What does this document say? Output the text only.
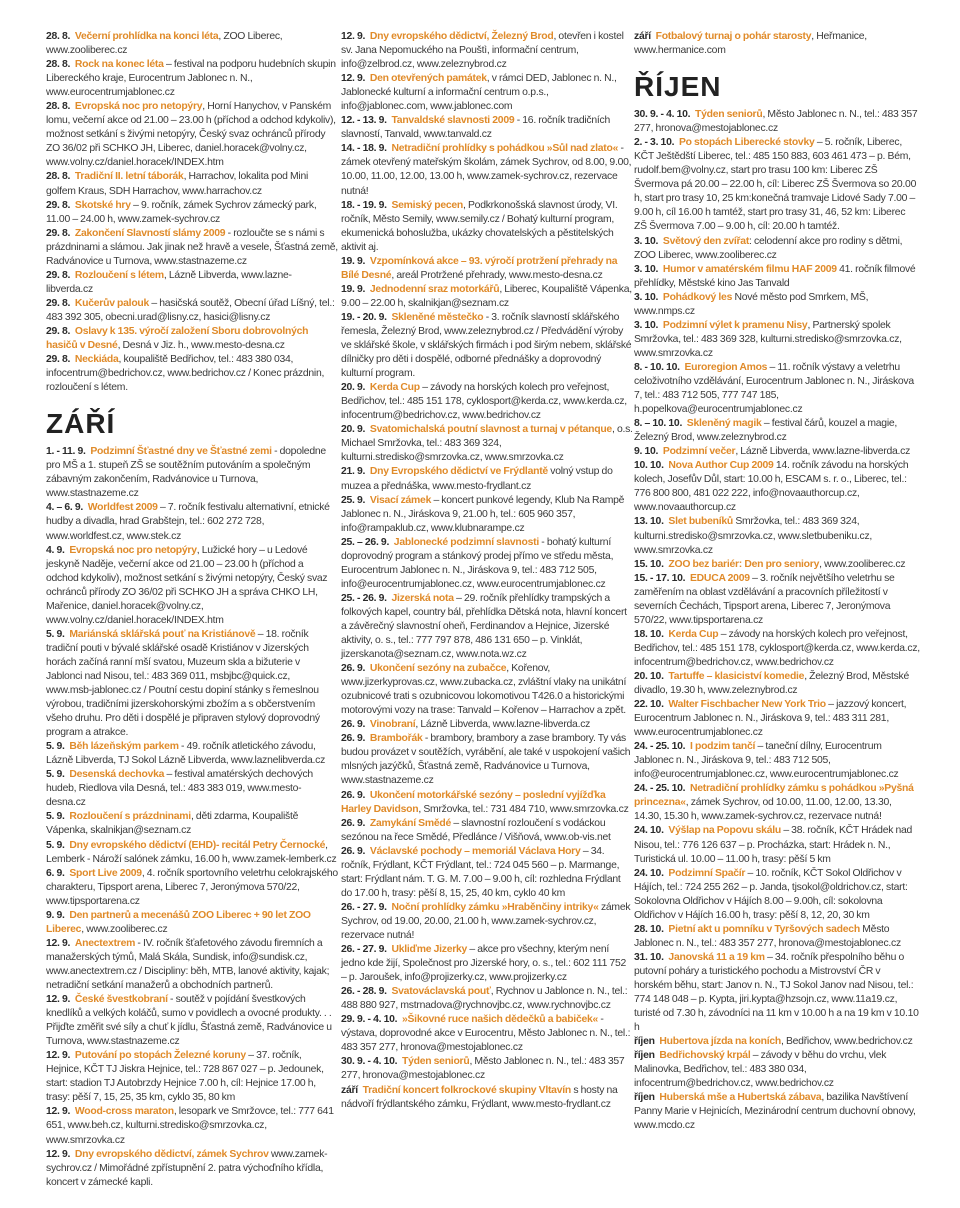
28. 8. Večerní prohlídka na konci léta, ZOO Liberec, www.zooliberec.cz

28. 8. Rock na konec léta – festival na podporu hudebních skupin Libereckého kraje, Eurocentrum Jablonec n. N., www.eurocentrumjablonec.cz

28. 8. Evropská noc pro netopýry, Horní Hanychov, v Panském lomu, večerní akce od 21.00 – 23.00 h (příchod a odchod kdykoliv), možnost setkání s živými netopýry, Český svaz ochránců přírody ZO 36/02 při SCHKO JH, Liberec, daniel.horacek@volny.cz, www.volny.cz/daniel.horacek/INDEX.htm

28. 8. Tradiční II. letní táborák, Harrachov, lokalita pod Mini golfem Kraus, SDH Harrachov, www.harrachov.cz

29. 8. Skotské hry – 9. ročník, zámek Sychrov zámecký park, 11.00 – 24.00 h, www.zamek-sychrov.cz

29. 8. Zakončení Slavností slámy 2009 - rozloučte se s námi s prázdninami a slámou. Jak jinak než hravě a vesele, Šťastná země, Radvánovice u Turnova, www.stastnazeme.cz

29. 8. Rozloučení s létem, Lázně Libverda, www.lazne-libverda.cz

29. 8. Kučerův palouk – hasičská soutěž, Obecní úřad Líšný, tel.: 483 392 305, obecni.urad@lisny.cz, hasici@lisny.cz

29. 8. Oslavy k 135. výročí založení Sboru dobrovolných hasičů v Desné, Desná v Jiz. h., www.mesto-desna.cz

29. 8. Neckiáda, koupaliště Bedřichov, tel.: 483 380 034, infocentrum@bedrichov.cz, www.bedrichov.cz / Konec prázdnin, rozloučení s létem.

ZÁŘÍ

1. - 11. 9. Podzimní Šťastné dny ve Šťastné zemi - dopoledne pro MŠ a 1. stupeň ZŠ se soutěžním putováním a společným zábavným zakončením, Radvánovice u Turnova, www.stastnazeme.cz

4. – 6. 9. Worldfest 2009 – 7. ročník festivalu alternativní, etnické hudby a divadla, hrad Grabštejn, tel.: 602 272 728, www.worldfest.cz, www.stek.cz

4. 9. Evropská noc pro netopýry, Lužické hory – u Ledové jeskyně Naděje, večerní akce od 21.00 – 23.00 h (příchod a odchod kdykoliv), možnost setkání s živými netopýry, Český svaz ochránců přírody ZO 36/02 při SCHKO JH a správa CHKO LH, Mařenice, daniel.horacek@volny.cz, www.volny.cz/daniel.horacek/INDEX.htm

5. 9. Mariánská sklářská pouť na Kristiánově – 18. ročník tradiční pouti v bývalé sklářské osadě Kristiánov v Jizerských horách začíná ranní mší svatou, Muzeum skla a bižuterie v Jablonci nad Nisou, tel.: 483 369 011, msbjbc@quick.cz, www.msb-jablonec.cz / Poutní cestu dopiní stánky s řemeslnou výrobou, tradičními jizerskohorskými zbožím a s občerstvením všeho druhu. Pro děti i dospělé je připraven stylový doprovodný program a atrakce.

5. 9. Běh lázeňským parkem - 49. ročník atletického závodu, Lázně Libverda, TJ Sokol Lázně Libverda, www.laznelibverda.cz

5. 9. Desenská dechovka – festival amatérských dechových hudeb, Riedlova vila Desná, tel.: 483 383 019, www.mesto-desna.cz

5. 9. Rozloučení s prázdninami, děti zdarma, Koupaliště Vápenka, skalnikjan@seznam.cz

5. 9. Dny evropského dědictví (EHD)- recitál Petry Černocké, Lemberk - Nároží salónek zámku, 16.00 h, www.zamek-lemberk.cz

6. 9. Sport Live 2009, 4. ročník sportovního veletrhu celokrajského charakteru, Tipsport arena, Liberec 7, Jeronýmova 570/22, www.tipsportarena.cz

9. 9. Den partnerů a mecenášů ZOO Liberec + 90 let ZOO Liberec, www.zooliberec.cz

12. 9. Anectextrem - IV. ročník šťafetového závodu firemních a manažerských týmů, Malá Skála, Sundisk, info@sundisk.cz, www.anectextrem.cz / Discipliny: běh, MTB, lanové aktivity, kajak; netradiční setkání manažerů a obchodních partnerů.

12. 9. České švestkobraní - soutěž v pojídání švestkových knedlíků a velkých koláčů, sumo v povidlech a ovocné produkty. . . Přijďte změřit své síly a chuť k jídlu, Šťastná země, Radvánovice u Turnova, www.stastnazeme.cz

12. 9. Putování po stopách Železné koruny – 37. ročník, Hejnice, KČT TJ Jiskra Hejnice, tel.: 728 867 027 – p. Jedounek, start: stadion TJ Autobrzdy Hejnice 7.00 h, cíl: Hejnice 17.00 h, trasy: pěší 7, 15, 25, 35 km, cyklo 35, 80 km

12. 9. Wood-cross maraton, lesopark ve Smržovce, tel.: 777 641 651, www.beh.cz, kulturni.stredisko@smrzovka.cz, www.smrzovka.cz

12. 9. Dny evropského dědictví, zámek Sychrov www.zamek-sychrov.cz / Mimořádné zpřístupnění 2. patra výchoďního křídla, koncert v zámecké kapli.

12. 9. Dny evropského dědictví, Železný Brod, otevřen i kostel sv. Jana Nepomuckého na Pouštì, informační centrum, info@zelbrod.cz, www.zeleznybrod.cz

12. 9. Den otevřených památek, v rámci DED, Jablonec n. N., Jablonecké kulturní a informační centrum o.p.s., info@jablonec.com, www.jablonec.com

12. - 13. 9. Tanvaldské slavnosti 2009 - 16. ročník tradičních slavností, Tanvald, www.tanvald.cz

14. - 18. 9. Netradiční prohlídky s pohádkou »Sůl nad zlato« - zámek otevřený mateřským školám, zámek Sychrov, od 8.00, 9.00, 10.00, 11.00, 12.00, 13.00 h, www.zamek-sychrov.cz, rezervace nutná!

18. - 19. 9. Semiský pecen, Podkrkonošská slavnost úrody, VI. ročník, Město Semily, www.semily.cz / Bohatý kulturní program, ekumenická bohoslužba, ukázky chovatelských a pěstitelských aktivit aj.

19. 9. Vzpomínková akce – 93. výročí protržení přehrady na Bílé Desné, areál Protržené přehrady, www.mesto-desna.cz

19. 9. Jednodenní sraz motorkářů, Liberec, Koupaliště Vápenka, 9.00 – 22.00 h, skalnikjan@seznam.cz

19. - 20. 9. Skleněné městečko - 3. ročník slavností sklářského řemesla, Železný Brod, www.zeleznybrod.cz / Předvádění výroby ve sklářské škole, v sklářských firmách i pod širým nebem, sklářské dílničky pro děti i dospělé, odborné přednášky a doprovodný kulturní program.

20. 9. Kerda Cup – závody na horských kolech pro veřejnost, Bedřichov, tel.: 485 151 178, cyklosport@kerda.cz, www.kerda.cz, infocentrum@bedrichov.cz, www.bedrichov.cz

20. 9. Svatomichalská poutní slavnost a turnaj v pétanque, o.s. Michael Smržovka, tel.: 483 369 324, kulturni.stredisko@smrzovka.cz, www.smrzovka.cz

21. 9. Dny Evropského dědictví ve Frýdlantě volný vstup do muzea a přednáška, www.mesto-frydlant.cz

25. 9. Visací zámek – koncert punkové legendy, Klub Na Rampě Jablonec n. N., Jiráskova 9, 21.00 h, tel.: 605 960 357, info@rampaklub.cz, www.klubnarampe.cz

25. – 26. 9. Jablonecké podzimní slavnosti - bohatý kulturní doprovodný program a stánkový prodej přímo ve středu města, Eurocentrum Jablonec n. N., Jiráskova 9, tel.: 483 712 505, info@eurocentrumjablonec.cz, www.eurocentrumjablonec.cz

25. - 26. 9. Jizerská nota – 29. ročník přehlídky trampských a folkových kapel, country bál, přehlídka Dětská nota, hlavní koncert a závěrečný slavnostní oheň, Ferdinandov a Hejnice, Jizerské aktivity, o. s., tel.: 777 797 878, 486 131 650 – p. Vinklát, jizerskanota@seznam.cz, www.nota.wz.cz

26. 9. Ukončení sezóny na zubačce, Kořenov, www.jizerkyprovas.cz, www.zubacka.cz, zvláštní vlaky na unikátní ozubnicové trati s ozubnicovou lokomotivou T426.0 a historickými motorovými vozy na trase: Tanvald – Kořenov – Harrachov a zpět.

26. 9. Vinobraní, Lázně Libverda, www.lazne-libverda.cz

26. 9. Brambořák - brambory, brambory a zase brambory. Ty vás budou provázet v soutěžích, vyrábění, ale také v uspokojení vašich mlsných jazýčků, Šťastná země, Radvánovice u Turnova, www.stastnazeme.cz

26. 9. Ukončení motorkářské sezóny – poslední vyjížďka Harley Davidson, Smržovka, tel.: 731 484 710, www.smrzovka.cz

26. 9. Zamykání Smědé – slavnostní rozloučení s vodáckou sezónou na řece Smědé, Předlánce / Višňová, www.ob-vis.net

26. 9. Václavské pochody – memoriál Václava Hory – 34. ročník, Frýdlant, KČT Frýdlant, tel.: 724 045 560 – p. Marmange, start: Frýdlant nám. T. G. M. 7.00 – 9.00 h, cíl: rozhledna Frýdlant do 17.00 h, trasy: pěší 8, 15, 25, 40 km, cyklo 40 km

26. - 27. 9. Noční prohlídky zámku »Hraběnčiny intriky« zámek Sychrov, od 19.00, 20.00, 21.00 h, www.zamek-sychrov.cz, rezervace nutná!

26. - 27. 9. Ukliďme Jizerky – akce pro všechny, kterým není jedno kde žijí, Společnost pro Jizerské hory, o. s., tel.: 602 111 752 – p. Jaroušek, info@projizerky.cz, www.projizerky.cz

26. - 28. 9. Svatováclavská pouť, Rychnov u Jablonce n. N., tel.: 488 880 927, mstrnadova@rychnovjbc.cz, www.rychnovjbc.cz

29. 9. - 4. 10. »Šikovné ruce našich dědečků a babiček« - výstava, doprovodné akce v Eurocentru, Město Jablonec n. N., tel.: 483 357 277, hronova@mestojablonec.cz

30. 9. - 4. 10. Týden seniorů, Město Jablonec n. N., tel.: 483 357 277, hronova@mestojablonec.cz

září Tradiční koncert folkrockové skupiny Vltavín s hosty na nádvoří frýdlantského zámku, Frýdlant, www.mesto-frydlant.cz

září Fotbalový turnaj o pohár starosty, Heřmanice, www.hermanice.com

ŘÍJEN

30. 9. - 4. 10. Týden seniorů, Město Jablonec n. N., tel.: 483 357 277, hronova@mestojablonec.cz

2. - 3. 10. Po stopách Liberecké stovky – 5. ročník, Liberec, KČT Ještědští Liberec, tel.: 485 150 883, 603 461 473 – p. Bém, rudolf.bem@volny.cz, start pro trasu 100 km: Liberec ZŠ Švermova pá 20.00 – 22.00 h, cíl: Liberec ZŠ Švermova so 20.00 h, start pro trasy 10, 25 km:konečná tramvaje Lidové Sady 7.00 – 9.00 h, cíl 16.00 h tamtéž, start pro trasy 31, 46, 52 km: Liberec ZŠ Švermova 7.00 – 9.00 h, cíl: 20.00 h tamtéž.

3. 10. Světový den zvířat: celodenní akce pro rodiny s dětmi, ZOO Liberec, www.zooliberec.cz

3. 10. Humor v amatérském filmu HAF 2009 41. ročník filmové přehlídky, Městské kino Jas Tanvald

3. 10. Pohádkový les Nové město pod Smrkem, MŠ, www.nmps.cz

3. 10. Podzimní výlet k pramenu Nisy, Partnerský spolek Smržovka, tel.: 483 369 328, kulturni.stredisko@smrzovka.cz, www.smrzovka.cz

8. - 10. 10. Euroregion Amos – 11. ročník výstavy a veletrhu celoživotního vzdělávání, Eurocentrum Jablonec n. N., Jiráskova 7, tel.: 483 712 505, 777 747 185, h.popelkova@eurocentrumjablonec.cz

8. – 10. 10. Skleněný magik – festival čárů, kouzel a magie, Železný Brod, www.zeleznybrod.cz

9. 10. Podzimní večer, Lázně Libverda, www.lazne-libverda.cz

10. 10. Nova Author Cup 2009 14. ročník závodu na horských kolech, Josefův Důl, start: 10.00 h, ESCAM s. r. o., Liberec, tel.: 776 800 800, 481 022 222, info@novaauthorcup.cz, www.novaauthorcup.cz

13. 10. Slet bubeníků Smržovka, tel.: 483 369 324, kulturni.stredisko@smrzovka.cz, www.sletbubeniku.cz, www.smrzovka.cz

15. 10. ZOO bez bariér: Den pro seniory, www.zooliberec.cz

15. - 17. 10. EDUCA 2009 – 3. ročník největšího veletrhu se zaměřením na oblast vzdělávání a pracovních příležitostí v severních Čechách, Tipsport arena, Liberec 7, Jeronýmova 570/22, www.tipsportarena.cz

18. 10. Kerda Cup – závody na horských kolech pro veřejnost, Bedřichov, tel.: 485 151 178, cyklosport@kerda.cz, www.kerda.cz, infocentrum@bedrichov.cz, www.bedrichov.cz

20. 10. Tartuffe – klasiciství komedie, Železný Brod, Městské divadlo, 19.30 h, www.zeleznybrod.cz

22. 10. Walter Fischbacher New York Trio – jazzový koncert, Eurocentrum Jablonec n. N., Jiráskova 9, tel.: 483 311 281, www.eurocentrumjablonec.cz

24. - 25. 10. I podzim tančí – taneční dílny, Eurocentrum Jablonec n. N., Jiráskova 9, tel.: 483 712 505, info@eurocentrumjablonec.cz, www.eurocentrumjablonec.cz

24. - 25. 10. Netradiční prohlídky zámku s pohádkou »Pyšná princezna«, zámek Sychrov, od 10.00, 11.00, 12.00, 13.30, 14.30, 15.30 h, www.zamek-sychrov.cz, rezervace nutná!

24. 10. Výšlap na Popovu skálu – 38. ročník, KČT Hrádek nad Nisou, tel.: 776 126 637 – p. Procházka, start: Hrádek n. N., Turistická ul. 10.00 – 11.00 h, trasy: pěší 5 km

24. 10. Podzimní Spačír – 10. ročník, KČT Sokol Oldřichov v Hájích, tel.: 724 255 262 – p. Janda, tjsokol@oldrichov.cz, start: Sokolovna Oldřichov v Hájích 8.00 – 9.00h, cíl: sokolovna Oldřichov v Hájích 16.00 h, trasy: pěší 8, 12, 20, 30 km

28. 10. Pietní akt u pomníku v Tyršových sadech Město Jablonec n. N., tel.: 483 357 277, hronova@mestojablonec.cz

31. 10. Janovská 11 a 19 km – 34. ročník přespolního běhu o putovní poháry a turistického pochodu a Mistrovství ČR v horském běhu, start: Janov n. N., TJ Sokol Janov nad Nisou, tel.: 774 148 048 – p. Kypta, jiri.kypta@hzsojn.cz, www.11a19.cz, turisté od 7.30 h, závodníci na 11 km v 10.00 h a na 19 km v 10.10 h

říjen Hubertova jízda na koních, Bedřichov, www.bedrichov.cz

říjen Bedřichovský krpál – závody v běhu do vrchu, vlek Malinovka, Bedřichov, tel.: 483 380 034, infocentrum@bedrichov.cz, www.bedrichov.cz

říjen Huberská mše a Hubertská zábava, bazilika Navštívení Panny Marie v Hejnicích, Mezinárodní centrum duchovní obnovy, www.mcdo.cz
